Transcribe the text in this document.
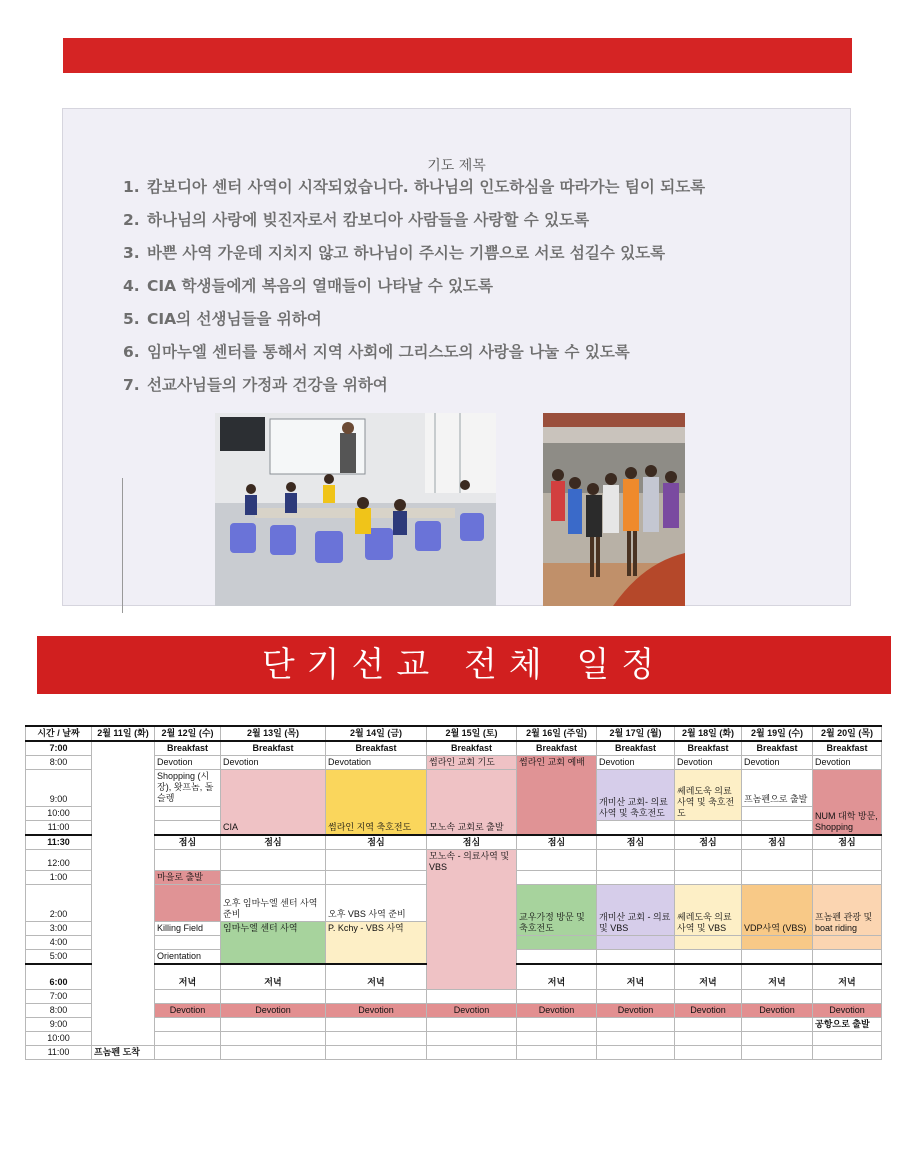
기도 제목
1. 캄보디아 센터 사역이 시작되었습니다. 하나님의 인도하심을 따라가는 팀이 되도록
2. 하나님의 사랑에 빚진자로서 캄보디아 사람들을 사랑할 수 있도록
3. 바쁜 사역 가운데 지치지 않고 하나님이 주시는 기쁨으로 서로 섬길수 있도록
4. CIA 학생들에게 복음의 열매들이 나타날 수 있도록
5. CIA의 선생님들을 위하여
6. 임마누엘 센터를 통해서 지역 사회에 그리스도의 사랑을 나눌 수 있도록
7. 선교사님들의 가정과 건강을 위하여
단기선교 전체 일정
시간 / 날짜	2월 11일 (화)	2월 12일 (수)	2월 13일 (목)	2월 14일 (금)	2월 15일 (토)	2월 16일 (주일)	2월 17일 (월)	2월 18일 (화)	2월 19일 (수)	2월 20일 (목)	
7:00		Breakfast	Breakfast	Breakfast	Breakfast	Breakfast	Breakfast	Breakfast	Breakfast	Breakfast	
8:00		Devotion	Devotion	Devotation	썸라인 교회 기도	썸라인 교회 예배	Devotion	Devotion	Devotion	Devotion	
9:00		Shopping (시장), 왓프놈, 돌슬렝	CIA	썸라인 지역 축호전도	모노속 교회로 출발		개미산 교회- 의료사역 및 축호전도	쎄레도욱 의료 사역 및 축호전도	프놈펜으로 출발	NUM 대학 방문, Shopping	
10:00											
11:00											
11:30		점심	점심	점심	점심	점심	점심	점심	점심	점심	
12:00					모노속 - 의료사역 및 VBS						
1:00		마을로 출발									
2:00			오후 임마누엘 센터 사역 준비	오후 VBS 사역 준비		교우가정 방문 및 축호전도	개미산 교회 - 의료 및 VBS	쎄레도욱 의료 사역 및 VBS	VDP사역 (VBS)	프놈펜 관광 및 boat riding	
3:00		Killing Field	임마누엘 센터 사역	P. Kchy - VBS 사역							
4:00											
5:00		Orientation									
6:00		저녁	저녁	저녁		저녁	저녁	저녁	저녁	저녁	
7:00											
8:00		Devotion	Devotion	Devotion	Devotion	Devotion	Devotion	Devotion	Devotion	Devotion	
9:00										공항으로 출발	
10:00											
11:00	프놈펜 도착										
